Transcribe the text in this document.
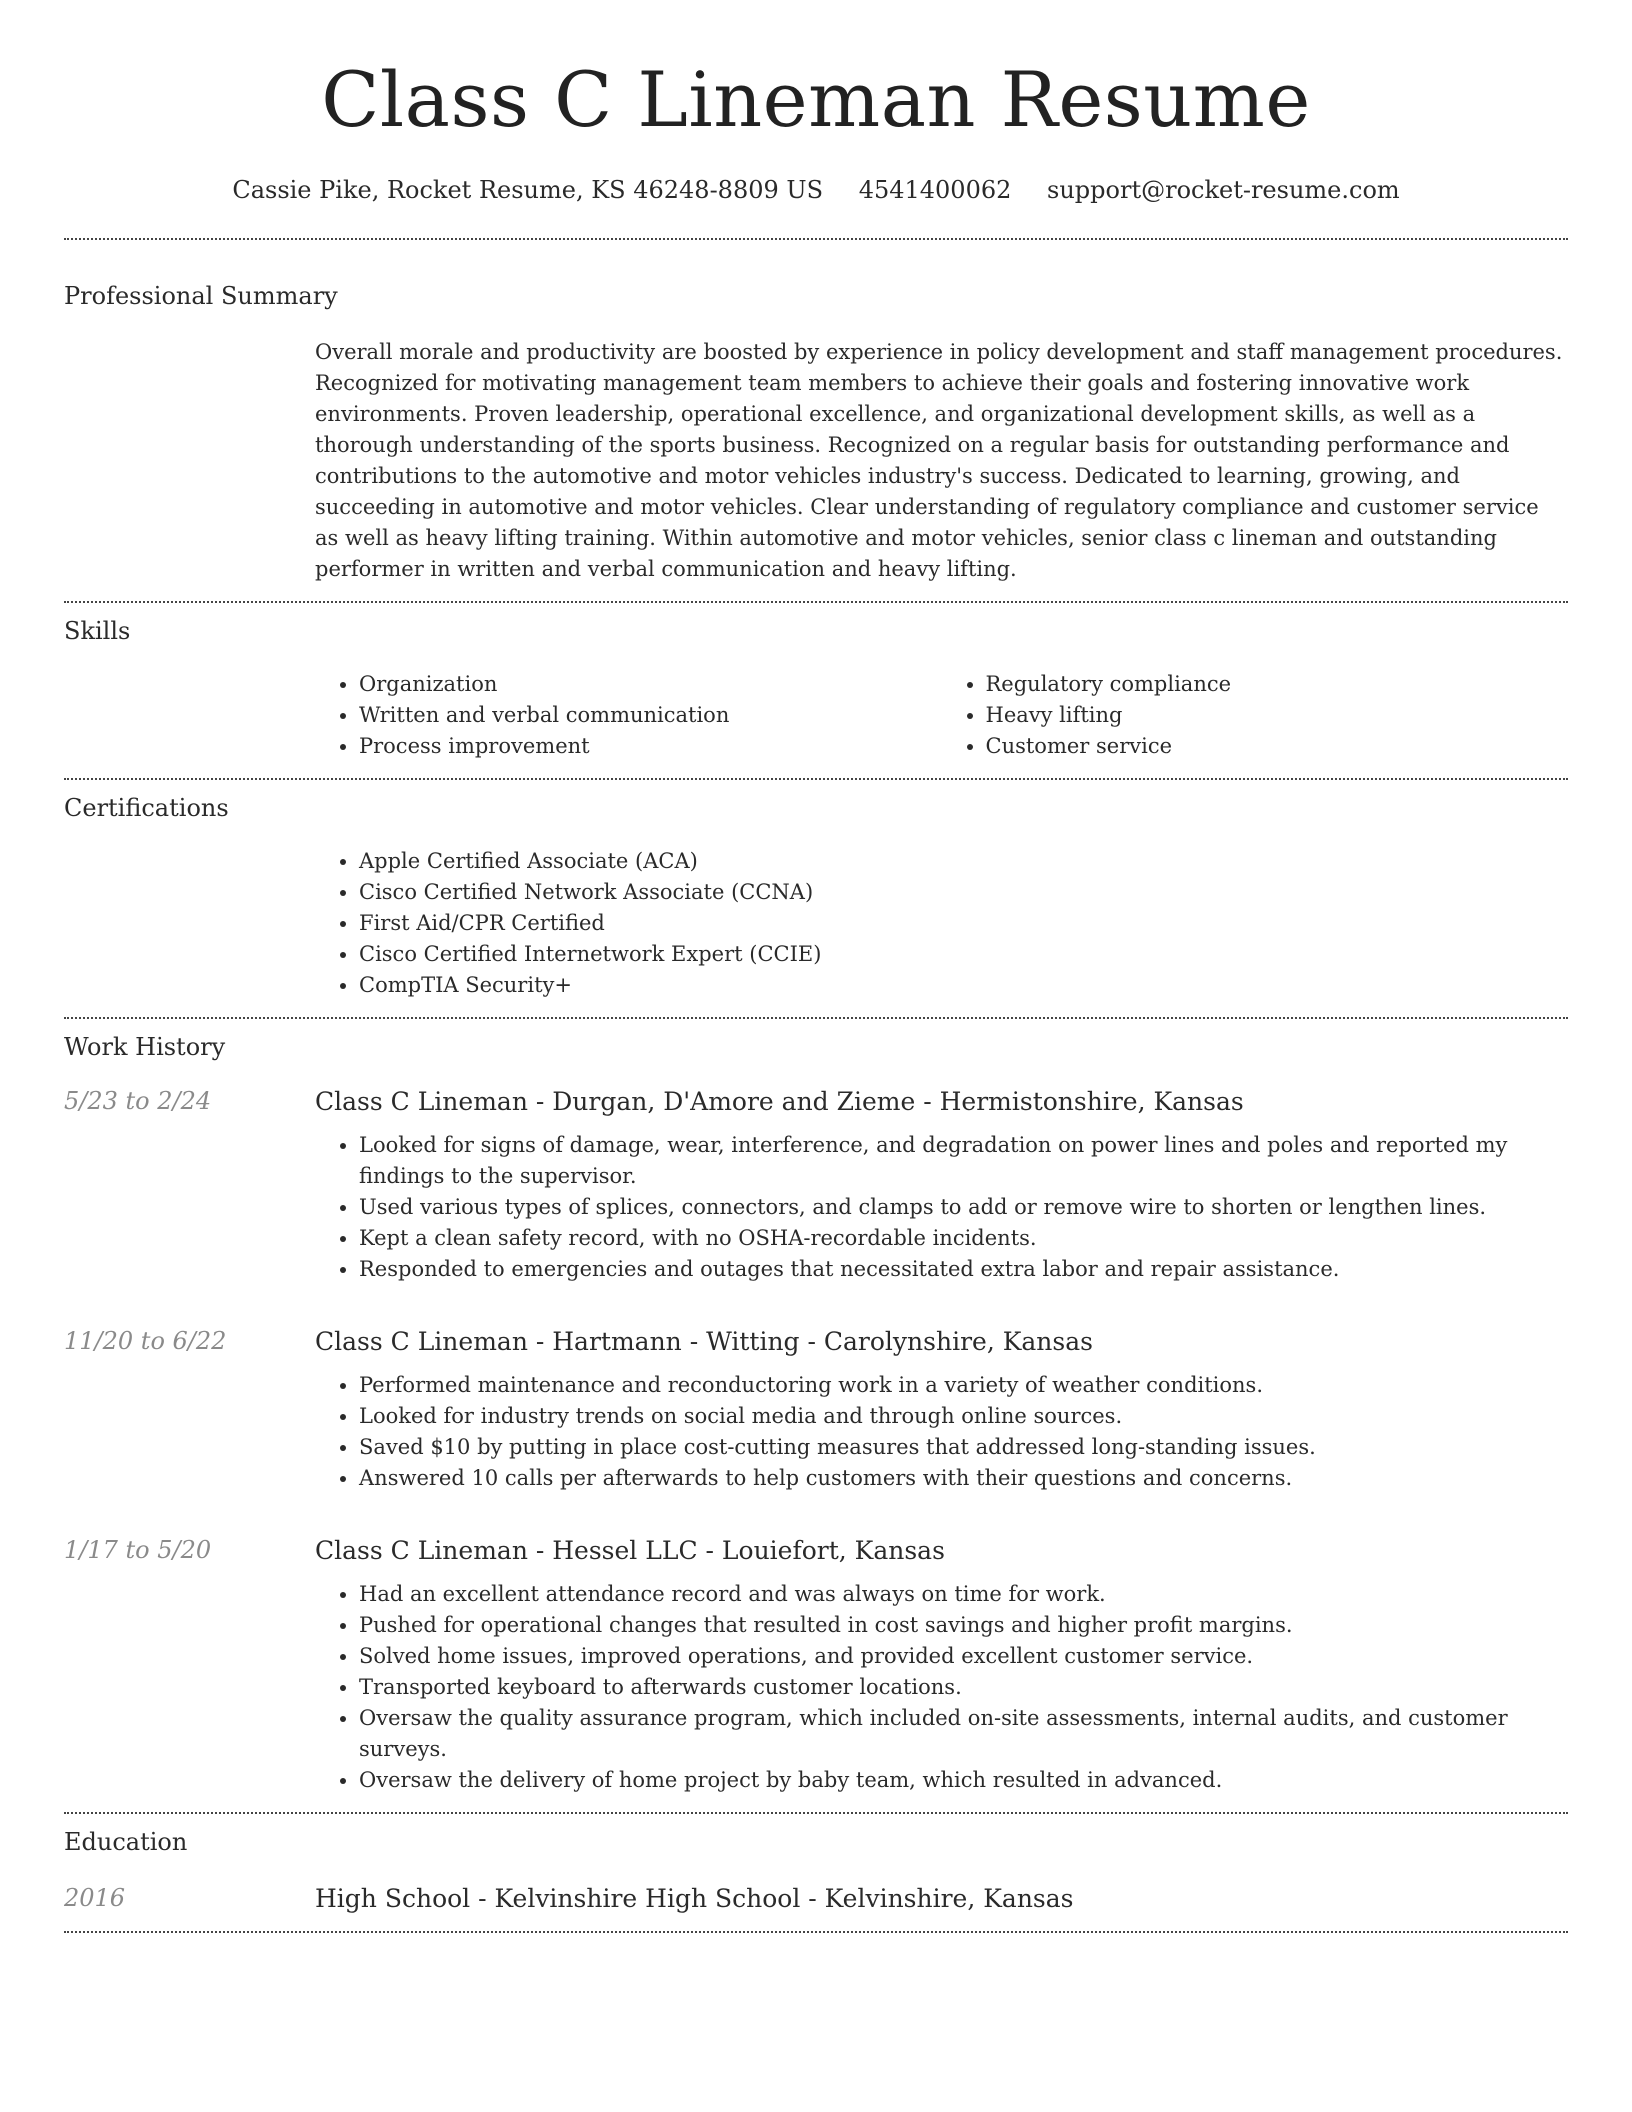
Class C Lineman Resume
Cassie Pike, Rocket Resume, KS 46248-8809 US 4541400062 support@rocket-resume.com
Professional Summary
Overall morale and productivity are boosted by experience in policy development and staff management procedures. Recognized for motivating management team members to achieve their goals and fostering innovative work environments. Proven leadership, operational excellence, and organizational development skills, as well as a thorough understanding of the sports business. Recognized on a regular basis for outstanding performance and contributions to the automotive and motor vehicles industry's success. Dedicated to learning, growing, and succeeding in automotive and motor vehicles. Clear understanding of regulatory compliance and customer service as well as heavy lifting training. Within automotive and motor vehicles, senior class c lineman and outstanding performer in written and verbal communication and heavy lifting.
Skills
• Organization
• Written and verbal communication
• Process improvement
• Regulatory compliance
• Heavy lifting
• Customer service
Certifications
• Apple Certified Associate (ACA)
• Cisco Certified Network Associate (CCNA)
• First Aid/CPR Certified
• Cisco Certified Internetwork Expert (CCIE)
• CompTIA Security+
Work History
5/23 to 2/24	Class C Lineman - Durgan, D'Amore and Zieme - Hermistonshire, Kansas
• Looked for signs of damage, wear, interference, and degradation on power lines and poles and reported my findings to the supervisor.
• Used various types of splices, connectors, and clamps to add or remove wire to shorten or lengthen lines.
• Kept a clean safety record, with no OSHA-recordable incidents.
• Responded to emergencies and outages that necessitated extra labor and repair assistance.
11/20 to 6/22	Class C Lineman - Hartmann - Witting - Carolynshire, Kansas
• Performed maintenance and reconductoring work in a variety of weather conditions.
• Looked for industry trends on social media and through online sources.
• Saved $10 by putting in place cost-cutting measures that addressed long-standing issues.
• Answered 10 calls per afterwards to help customers with their questions and concerns.
1/17 to 5/20	Class C Lineman - Hessel LLC - Louiefort, Kansas
• Had an excellent attendance record and was always on time for work.
• Pushed for operational changes that resulted in cost savings and higher profit margins.
• Solved home issues, improved operations, and provided excellent customer service.
• Transported keyboard to afterwards customer locations.
• Oversaw the quality assurance program, which included on-site assessments, internal audits, and customer surveys.
• Oversaw the delivery of home project by baby team, which resulted in advanced.
Education
2016	High School - Kelvinshire High School - Kelvinshire, Kansas
